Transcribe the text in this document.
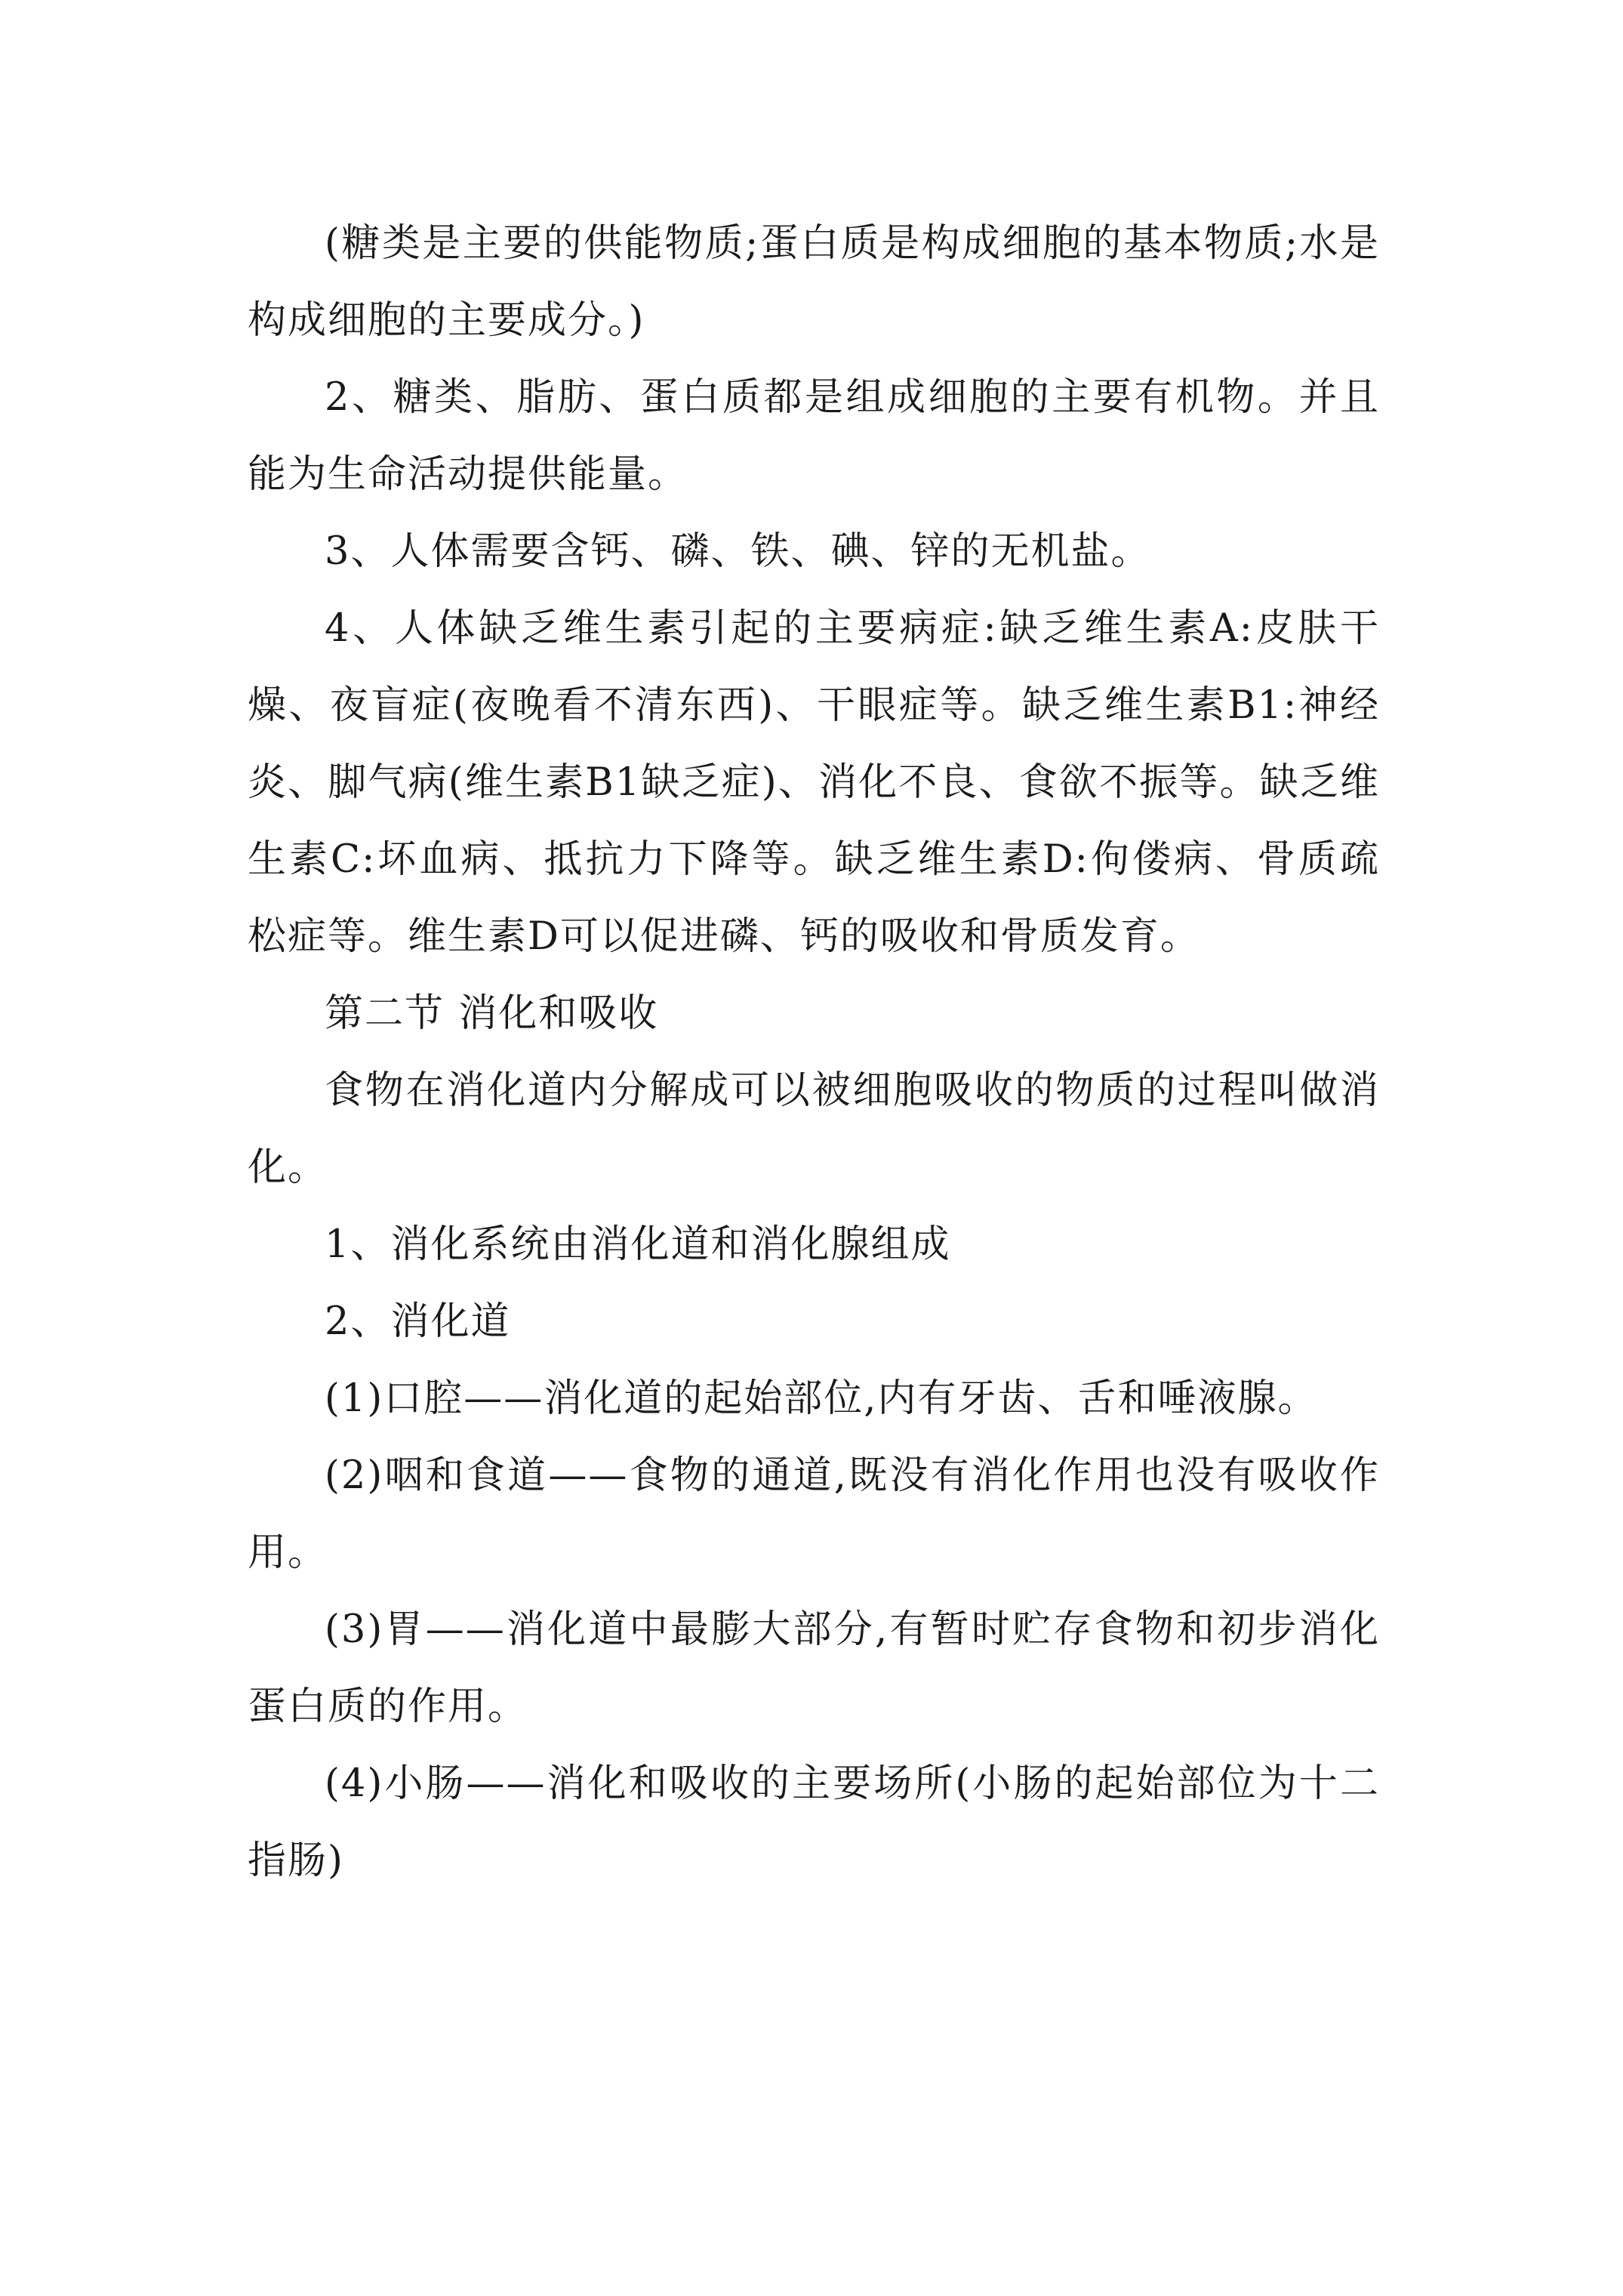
(糖类是主要的供能物质;蛋白质是构成细胞的基本物质;水是构成细胞的主要成分。)

2、糖类、脂肪、蛋白质都是组成细胞的主要有机物。并且能为生命活动提供能量。

3、人体需要含钙、磷、铁、碘、锌的无机盐。

4、人体缺乏维生素引起的主要病症:缺乏维生素A:皮肤干燥、夜盲症(夜晚看不清东西)、干眼症等。缺乏维生素B1:神经炎、脚气病(维生素B1缺乏症)、消化不良、食欲不振等。缺乏维生素C:坏血病、抵抗力下降等。缺乏维生素D:佝偻病、骨质疏松症等。维生素D可以促进磷、钙的吸收和骨质发育。

第二节 消化和吸收

食物在消化道内分解成可以被细胞吸收的物质的过程叫做消化。

1、消化系统由消化道和消化腺组成

2、消化道

(1)口腔——消化道的起始部位,内有牙齿、舌和唾液腺。

(2)咽和食道——食物的通道,既没有消化作用也没有吸收作用。

(3)胃——消化道中最膨大部分,有暂时贮存食物和初步消化蛋白质的作用。

(4)小肠——消化和吸收的主要场所(小肠的起始部位为十二指肠)
